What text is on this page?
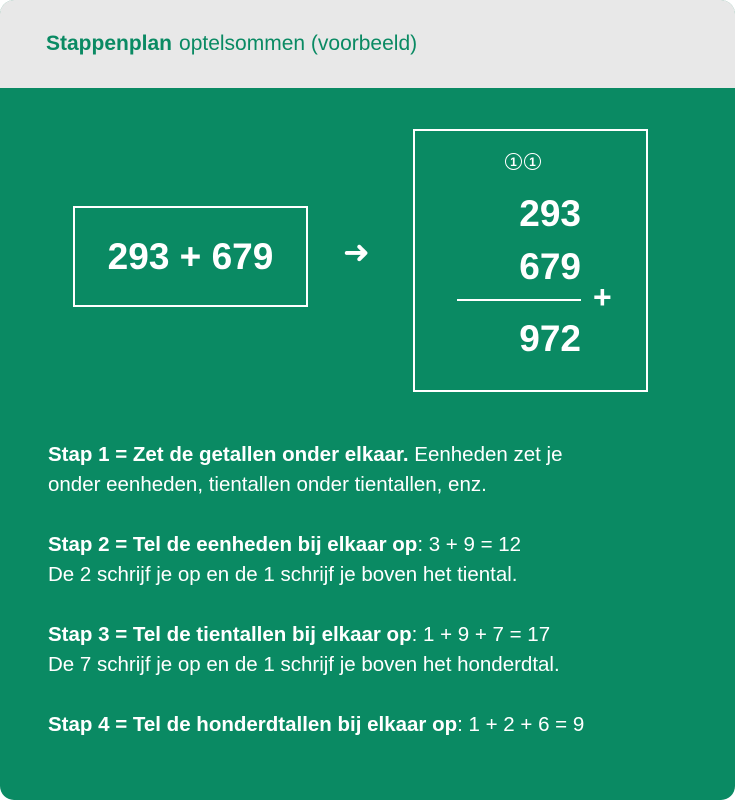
Stappenplan optelsommen (voorbeeld)
293 + 679 ➜
1	1
293
679
+
972
Stap 1 = Zet de getallen onder elkaar. Eenheden zet je
onder eenheden, tientallen onder tientallen, enz.
Stap 2 = Tel de eenheden bij elkaar op: 3 + 9 = 12
De 2 schrijf je op en de 1 schrijf je boven het tiental.
Stap 3 = Tel de tientallen bij elkaar op: 1 + 9 + 7 = 17
De 7 schrijf je op en de 1 schrijf je boven het honderdtal.
Stap 4 = Tel de honderdtallen bij elkaar op: 1 + 2 + 6 = 9
